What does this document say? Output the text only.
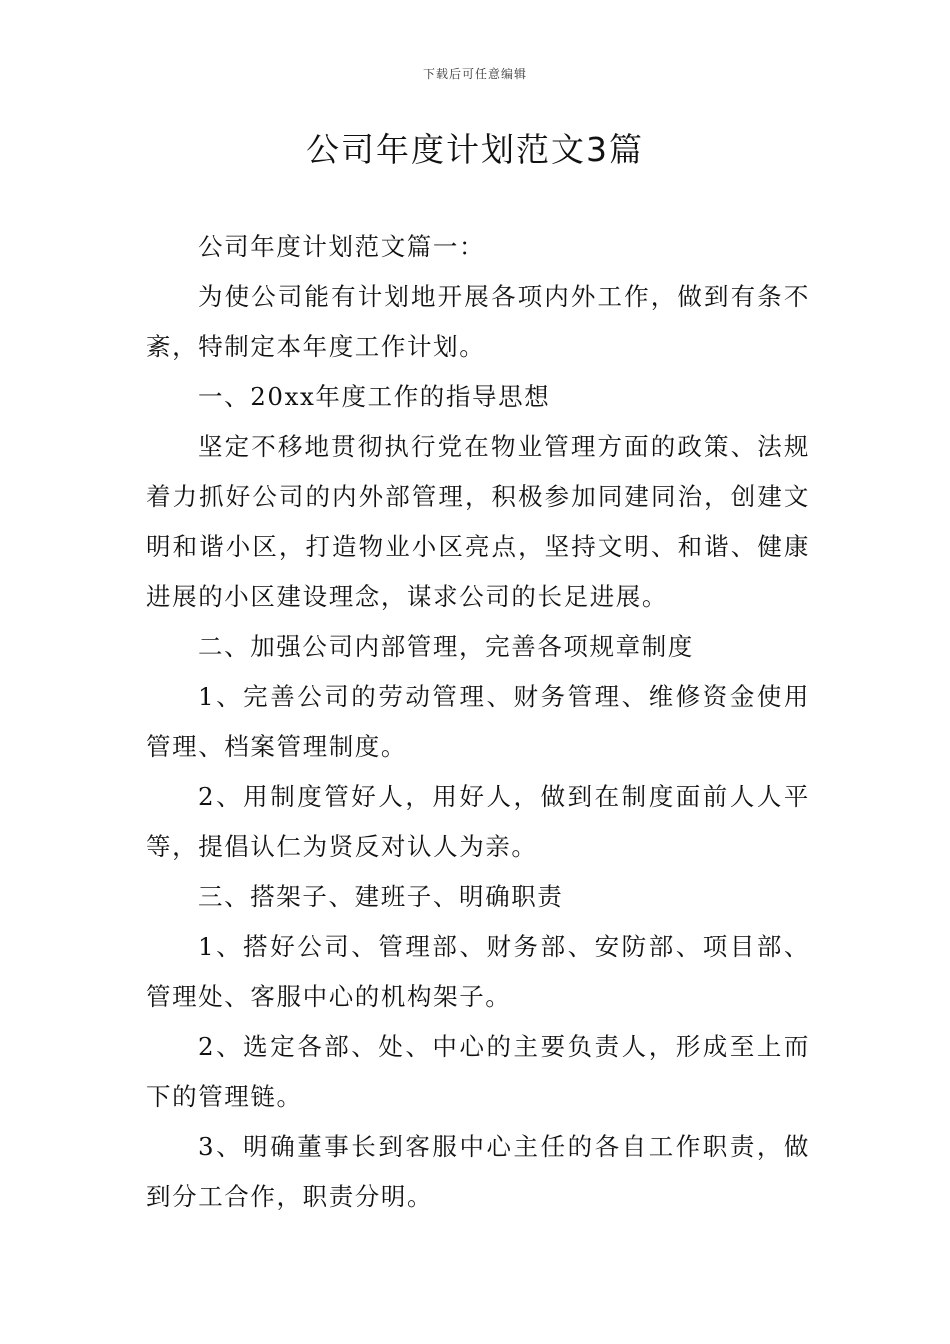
下载后可任意编辑
公司年度计划范文3篇

公司年度计划范文篇一：

为使公司能有计划地开展各项内外工作，做到有条不紊，特制定本年度工作计划。

一、20xx年度工作的指导思想

坚定不移地贯彻执行党在物业管理方面的政策、法规着力抓好公司的内外部管理，积极参加同建同治，创建文明和谐小区，打造物业小区亮点，坚持文明、和谐、健康进展的小区建设理念，谋求公司的长足进展。

二、加强公司内部管理，完善各项规章制度

1、完善公司的劳动管理、财务管理、维修资金使用管理、档案管理制度。

2、用制度管好人，用好人，做到在制度面前人人平等，提倡认仁为贤反对认人为亲。

三、搭架子、建班子、明确职责

1、搭好公司、管理部、财务部、安防部、项目部、管理处、客服中心的机构架子。

2、选定各部、处、中心的主要负责人，形成至上而下的管理链。

3、明确董事长到客服中心主任的各自工作职责，做到分工合作，职责分明。
